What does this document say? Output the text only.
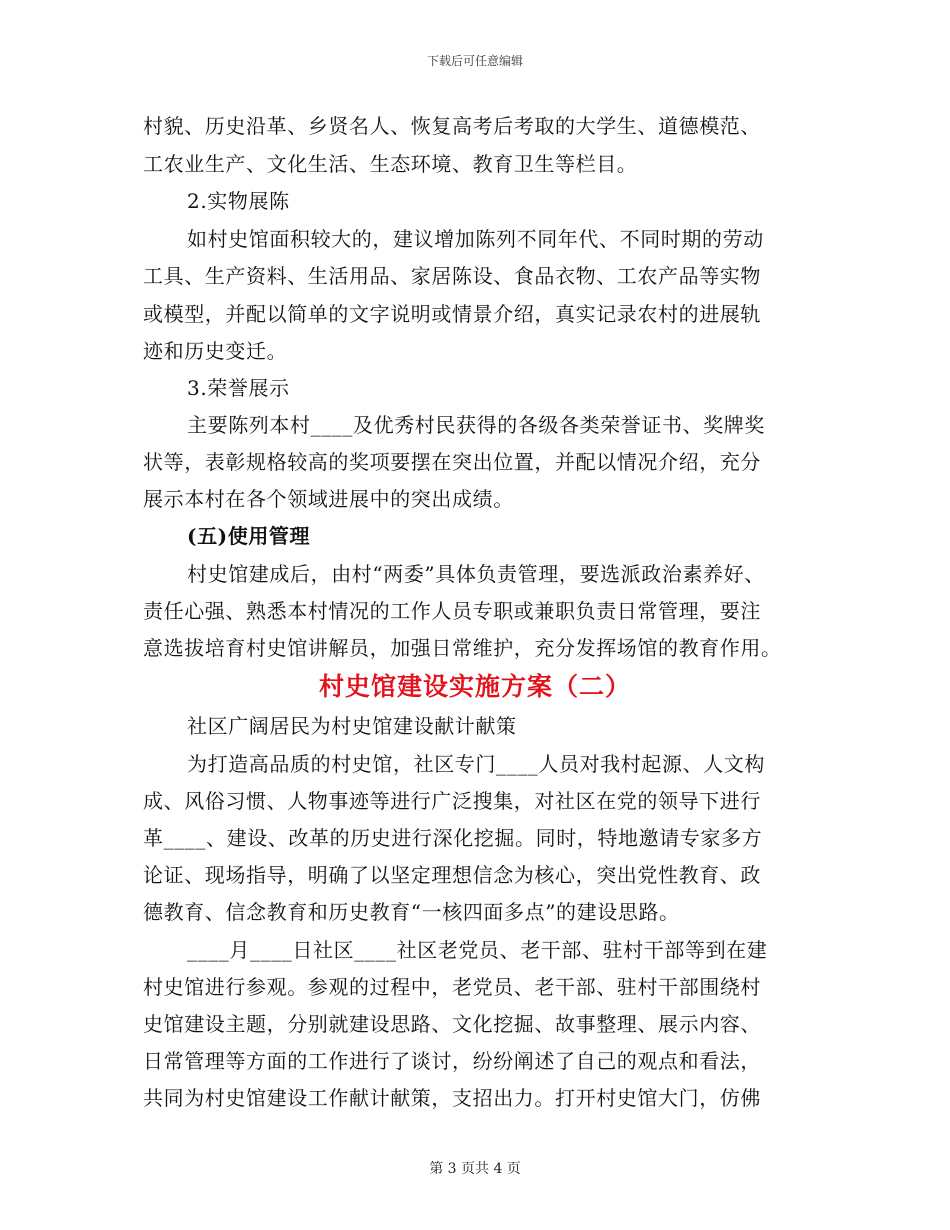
下载后可任意编辑
村貌、历史沿革、乡贤名人、恢复高考后考取的大学生、道德模范、
工农业生产、文化生活、生态环境、教育卫生等栏目。
2.实物展陈
如村史馆面积较大的，建议增加陈列不同年代、不同时期的劳动
工具、生产资料、生活用品、家居陈设、食品衣物、工农产品等实物
或模型，并配以简单的文字说明或情景介绍，真实记录农村的进展轨
迹和历史变迁。
3.荣誉展示
主要陈列本村____及优秀村民获得的各级各类荣誉证书、奖牌奖
状等，表彰规格较高的奖项要摆在突出位置，并配以情况介绍，充分
展示本村在各个领域进展中的突出成绩。
(五)使用管理
村史馆建成后，由村“两委”具体负责管理，要选派政治素养好、
责任心强、熟悉本村情况的工作人员专职或兼职负责日常管理，要注
意选拔培育村史馆讲解员，加强日常维护，充分发挥场馆的教育作用。
村史馆建设实施方案（二）
社区广阔居民为村史馆建设献计献策
为打造高品质的村史馆，社区专门____人员对我村起源、人文构
成、风俗习惯、人物事迹等进行广泛搜集，对社区在党的领导下进行
革____、建设、改革的历史进行深化挖掘。同时，特地邀请专家多方
论证、现场指导，明确了以坚定理想信念为核心，突出党性教育、政
德教育、信念教育和历史教育“一核四面多点”的建设思路。
____月____日社区____社区老党员、老干部、驻村干部等到在建
村史馆进行参观。参观的过程中，老党员、老干部、驻村干部围绕村
史馆建设主题，分别就建设思路、文化挖掘、故事整理、展示内容、
日常管理等方面的工作进行了谈讨，纷纷阐述了自己的观点和看法，
共同为村史馆建设工作献计献策，支招出力。打开村史馆大门，仿佛
第 3 页共 4 页
